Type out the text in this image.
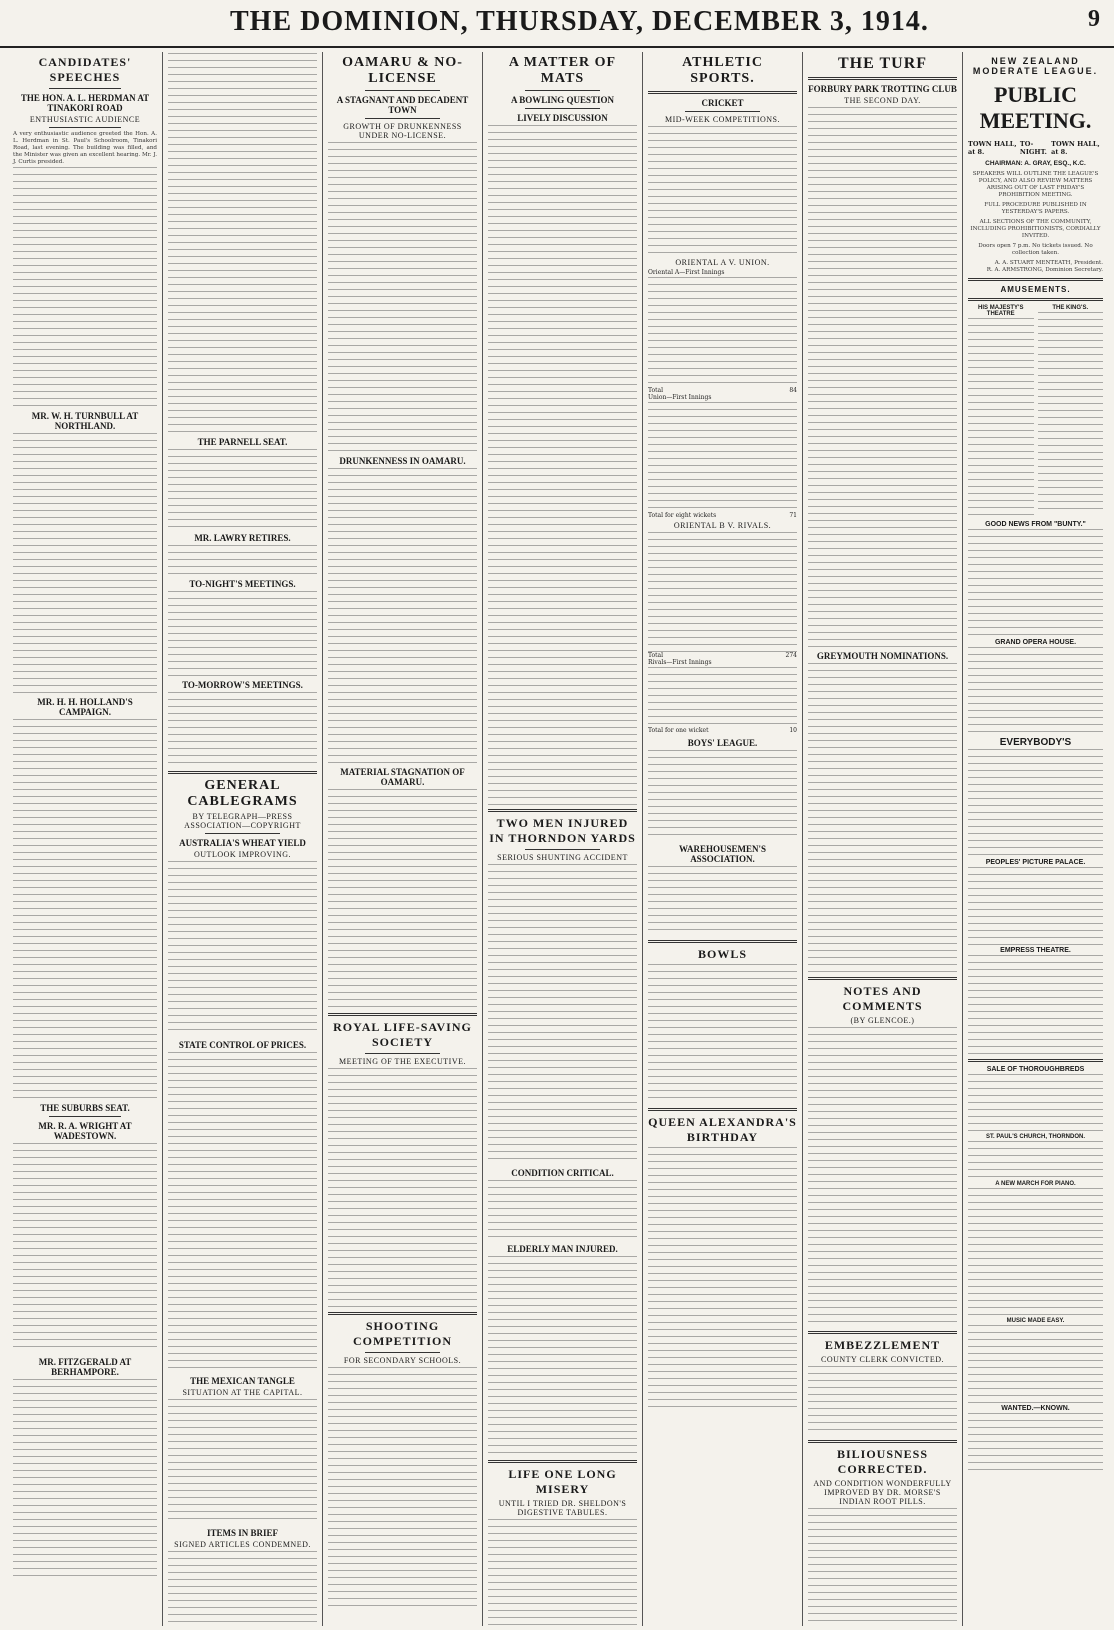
THE DOMINION, THURSDAY, DECEMBER 3, 1914.	9
CANDIDATES' SPEECHES
THE HON. A. L. HERDMAN AT TINAKORI ROAD
ENTHUSIASTIC AUDIENCE
A very enthusiastic audience greeted the Hon. A. L. Herdman in St. Paul's Schoolroom, Tinakori Road, last evening. The building was filled, and the Minister was given an excellent hearing. Mr. J. J. Curtis presided.
MR. W. H. TURNBULL AT NORTHLAND.
MR. H. H. HOLLAND'S CAMPAIGN.
THE SUBURBS SEAT.
MR. R. A. WRIGHT AT WADESTOWN.
MR. FITZGERALD AT BERHAMPORE.
THE PARNELL SEAT.
MR. LAWRY RETIRES.
TO-NIGHT'S MEETINGS.
TO-MORROW'S MEETINGS.
GENERAL CABLEGRAMS
BY TELEGRAPH—PRESS ASSOCIATION—COPYRIGHT
AUSTRALIA'S WHEAT YIELD
OUTLOOK IMPROVING.
STATE CONTROL OF PRICES.
THE MEXICAN TANGLE
SITUATION AT THE CAPITAL.
ITEMS IN BRIEF
SIGNED ARTICLES CONDEMNED.
OAMARU & NO-LICENSE
A STAGNANT AND DECADENT TOWN
GROWTH OF DRUNKENNESS UNDER NO-LICENSE.
DRUNKENNESS IN OAMARU.
MATERIAL STAGNATION OF OAMARU.
ROYAL LIFE-SAVING SOCIETY
MEETING OF THE EXECUTIVE.
SHOOTING COMPETITION
FOR SECONDARY SCHOOLS.
A MATTER OF MATS
A BOWLING QUESTION
LIVELY DISCUSSION
TWO MEN INJURED IN THORNDON YARDS
SERIOUS SHUNTING ACCIDENT
CONDITION CRITICAL.
ELDERLY MAN INJURED.
LIFE ONE LONG MISERY
UNTIL I TRIED DR. SHELDON'S DIGESTIVE TABULES.
ATHLETIC SPORTS.
CRICKET
MID-WEEK COMPETITIONS.
ORIENTAL A V. UNION.
Oriental A—First Innings
Total	84
Union—First Innings
Total for eight wickets	71
ORIENTAL B V. RIVALS.
Total	274
Rivals—First Innings
Total for one wicket	10
BOYS' LEAGUE.
WAREHOUSEMEN'S ASSOCIATION.
BOWLS
QUEEN ALEXANDRA'S BIRTHDAY
THE TURF
FORBURY PARK TROTTING CLUB
THE SECOND DAY.
GREYMOUTH NOMINATIONS.
NOTES AND COMMENTS
(BY GLENCOE.)
EMBEZZLEMENT
COUNTY CLERK CONVICTED.
BILIOUSNESS CORRECTED.
AND CONDITION WONDERFULLY IMPROVED BY DR. MORSE'S INDIAN ROOT PILLS.
NEW ZEALAND MODERATE LEAGUE.
PUBLIC MEETING.
TOWN HALL, at 8.
TO-NIGHT.
TOWN HALL, at 8.
CHAIRMAN: A. GRAY, ESQ., K.C.
SPEAKERS WILL OUTLINE THE LEAGUE'S POLICY, AND ALSO REVIEW MATTERS ARISING OUT OF LAST FRIDAY'S PROHIBITION MEETING.
FULL PROCEDURE PUBLISHED IN YESTERDAY'S PAPERS.
ALL SECTIONS OF THE COMMUNITY, INCLUDING PROHIBITIONISTS, CORDIALLY INVITED.
Doors open 7 p.m. No tickets issued. No collection taken.
A. A. STUART MENTEATH, President.
R. A. ARMSTRONG, Dominion Secretary.
AMUSEMENTS.
HIS MAJESTY'S THEATRE
THE KING'S.
GOOD NEWS FROM "BUNTY."
GRAND OPERA HOUSE.
EVERYBODY'S
PEOPLES' PICTURE PALACE.
EMPRESS THEATRE.
SALE OF THOROUGHBREDS
ST. PAUL'S CHURCH, THORNDON.
A NEW MARCH FOR PIANO.
MUSIC MADE EASY.
WANTED.—KNOWN.
